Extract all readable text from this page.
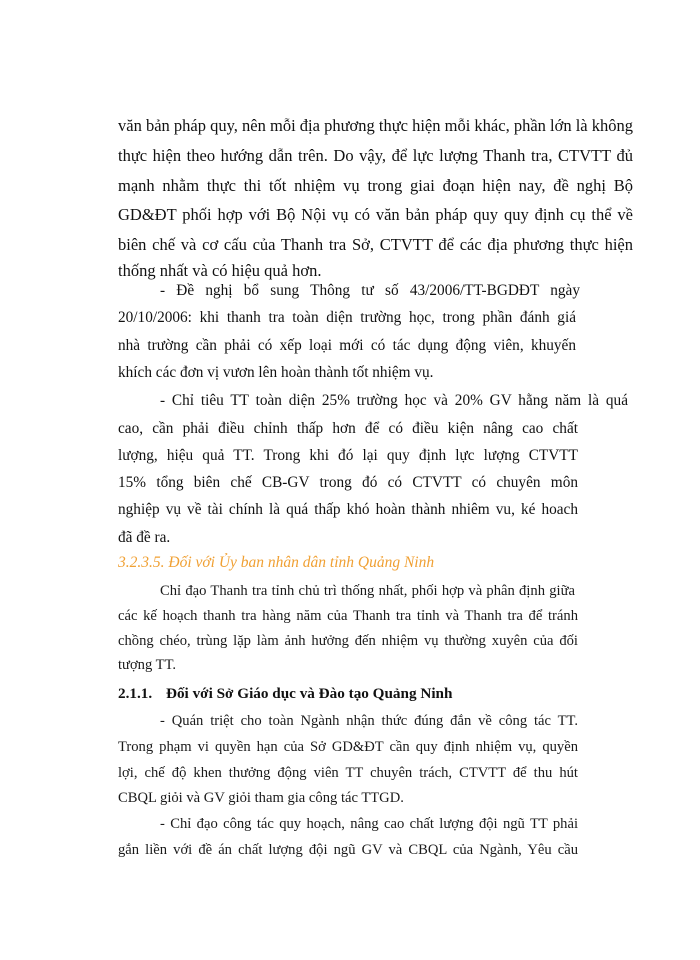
văn bản pháp quy, nên mỗi địa phương thực hiện mỗi khác, phần lớn là không
thực hiện theo hướng dẫn trên. Do vậy, để lực lượng Thanh tra, CTVTT đủ
mạnh nhằm thực thi tốt nhiệm vụ trong giai đoạn hiện nay, đề nghị Bộ
GD&ĐT phối hợp với Bộ Nội vụ có văn bản pháp quy quy định cụ thể về
biên chế và cơ cấu của Thanh tra Sở, CTVTT để các địa phương thực hiện
thống nhất và có hiệu quả hơn.
- Đề nghị bổ sung Thông tư số 43/2006/TT-BGDĐT ngày
20/10/2006: khi thanh tra toàn diện trường học, trong phần đánh giá
nhà trường cần phải có xếp loại mới có tác dụng động viên, khuyến
khích các đơn vị vươn lên hoàn thành tốt nhiệm vụ.
- Chỉ tiêu TT toàn diện 25% trường học và 20% GV hằng năm là quá
cao, cần phải điều chỉnh thấp hơn để có điều kiện nâng cao chất
lượng, hiệu quả TT. Trong khi đó lại quy định lực lượng CTVTT
15% tổng biên chế CB-GV trong đó có CTVTT có chuyên môn
nghiệp vụ về tài chính là quá thấp khó hoàn thành nhiêm vu, ké hoach
đã đề ra.
3.2.3.5. Đối với Ủy ban nhân dân tỉnh Quảng Ninh
Chỉ đạo Thanh tra tỉnh chủ trì thống nhất, phối hợp và phân định giữa
các kế hoạch thanh tra hàng năm của Thanh tra tỉnh và Thanh tra để tránh
chồng chéo, trùng lặp làm ảnh hưởng đến nhiệm vụ thường xuyên của đối
tượng TT.
2.1.1. Đối với Sở Giáo dục và Đào tạo Quảng Ninh
- Quán triệt cho toàn Ngành nhận thức đúng đắn về công tác TT.
Trong phạm vi quyền hạn của Sở GD&ĐT cần quy định nhiệm vụ, quyền
lợi, chế độ khen thưởng động viên TT chuyên trách, CTVTT để thu hút
CBQL giỏi và GV giỏi tham gia công tác TTGD.
- Chỉ đạo công tác quy hoạch, nâng cao chất lượng đội ngũ TT phải
gắn liền với đề án chất lượng đội ngũ GV và CBQL của Ngành, Yêu cầu
